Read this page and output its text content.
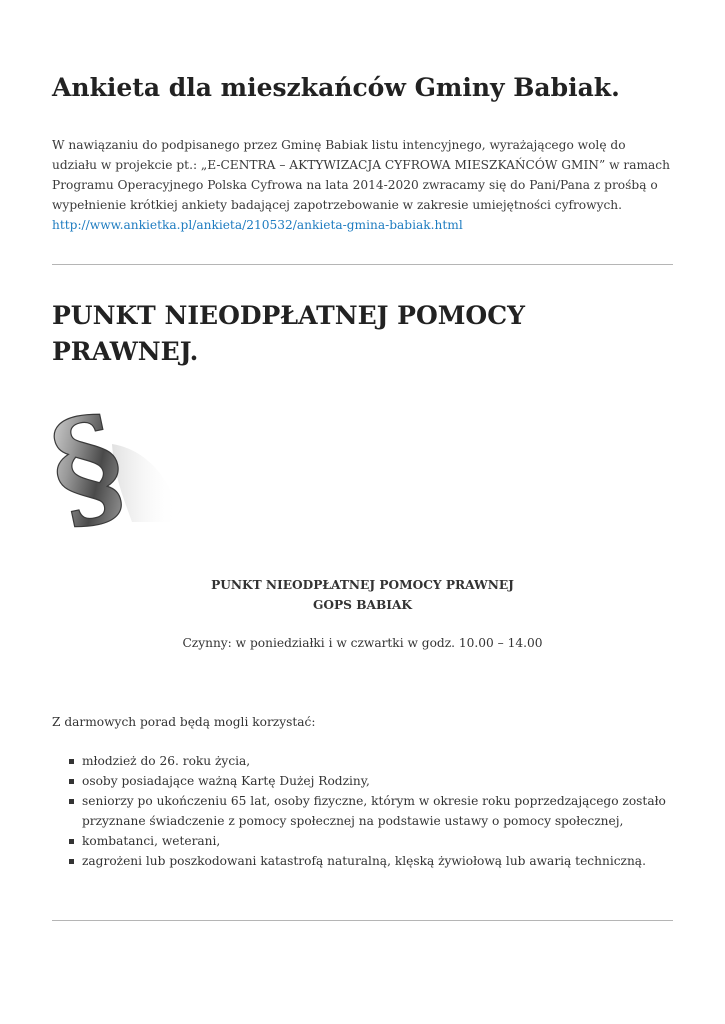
Ankieta dla mieszkańców Gminy Babiak.

W nawiązaniu do podpisanego przez Gminę Babiak listu intencyjnego, wyrażającego wolę do udziału w projekcie pt.: „E-CENTRA – AKTYWIZACJA CYFROWA MIESZKAŃCÓW GMIN” w ramach Programu Operacyjnego Polska Cyfrowa na lata 2014-2020 zwracamy się do Pani/Pana z prośbą o wypełnienie krótkiej ankiety badającej zapotrzebowanie w zakresie umiejętności cyfrowych.
http://www.ankietka.pl/ankieta/210532/ankieta-gmina-babiak.html

PUNKT NIEODPŁATNEJ POMOCY PRAWNEJ.
§
PUNKT NIEODPŁATNEJ POMOCY PRAWNEJ
GOPS BABIAK
Czynny: w poniedziałki i w czwartki w godz. 10.00 – 14.00

Z darmowych porad będą mogli korzystać:

młodzież do 26. roku życia,
osoby posiadające ważną Kartę Dużej Rodziny,
seniorzy po ukończeniu 65 lat, osoby fizyczne, którym w okresie roku poprzedzającego zostało przyznane świadczenie z pomocy społecznej na podstawie ustawy o pomocy społecznej,
kombatanci, weterani,
zagrożeni lub poszkodowani katastrofą naturalną, klęską żywiołową lub awarią techniczną.
